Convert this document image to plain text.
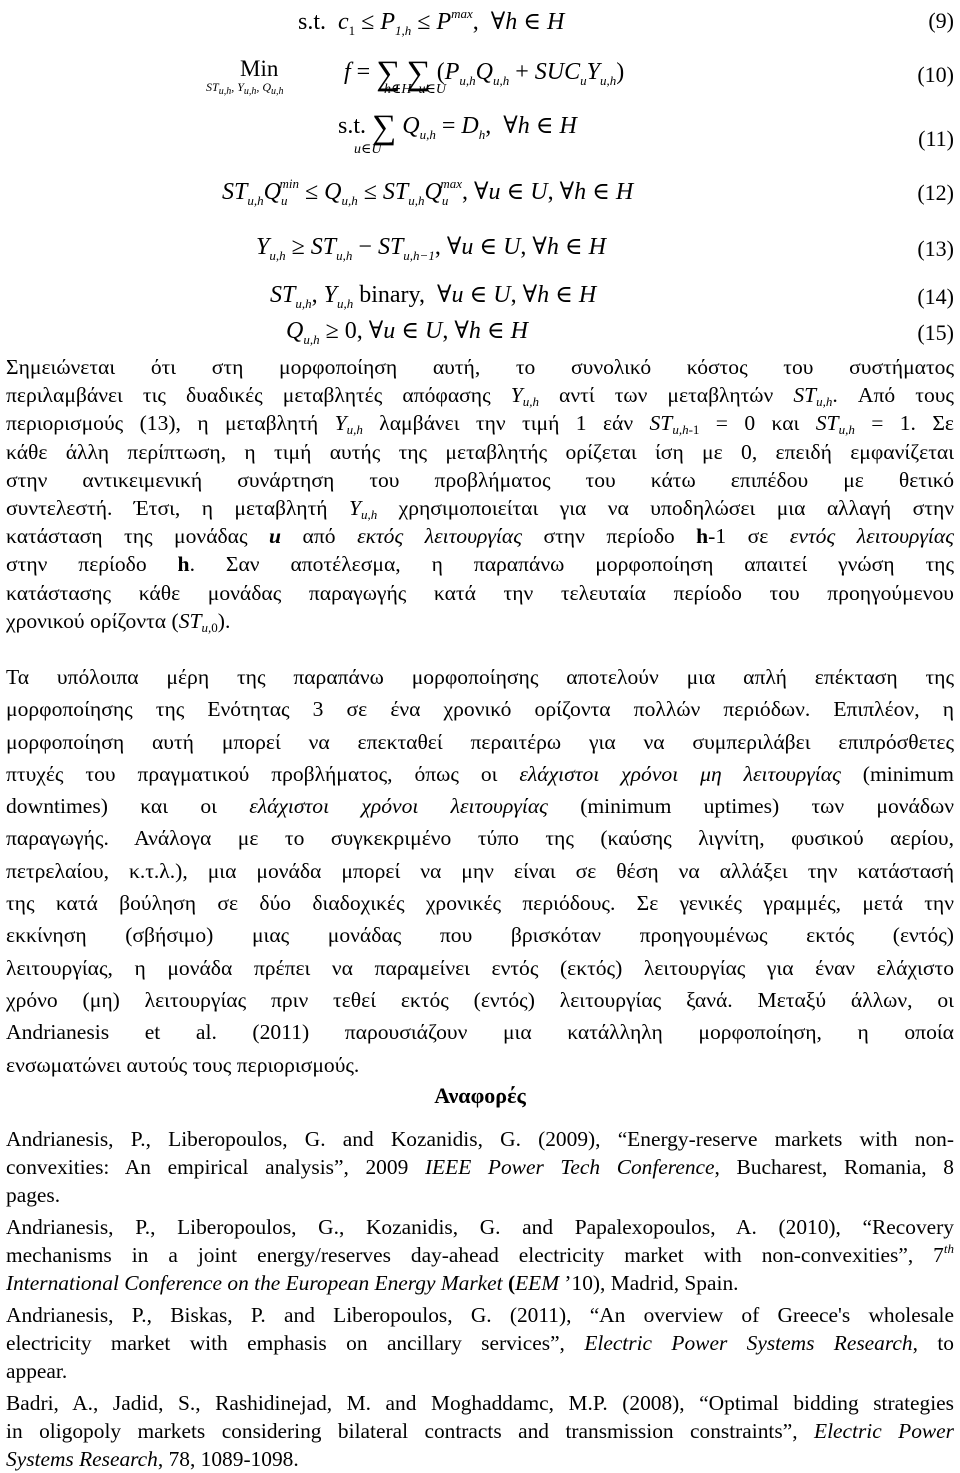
s.t.  $c_1 \le P_{1,h} \le P^{max}$,  ∀h ∈ H	(9)
Min
$ST_{u,h}$, $Y_{u,h}$, $Q_{u,h}$
f = ∑ ∑ $(P_{u,h}Q_{u,h} + SUC_uY_{u,h})$
h∈H  u∈U
(10)
s.t. ∑ $Q_{u,h} = D_h$,  ∀h ∈ H
u∈U	(11)
$ST_{u,h}Q_u^{min} \le Q_{u,h} \le ST_{u,h}Q_u^{max}$, ∀u ∈ U, ∀h ∈ H	(12)
$Y_{u,h} \ge ST_{u,h} - ST_{u,h-1}$, ∀u ∈ U, ∀h ∈ H	(13)
$ST_{u,h}$, $Y_{u,h}$ binary,  ∀u ∈ U, ∀h ∈ H	(14)
$Q_{u,h} \ge 0$, ∀u ∈ U, ∀h ∈ H	(15)
Σημειώνεται ότι στη μορφοποίηση αυτή, το συνολικό κόστος του συστήματος
περιλαμβάνει τις δυαδικές μεταβλητές απόφασης $Y_{u,h}$ αντί των μεταβλητών $ST_{u,h}$. Από τους
περιορισμούς (13), η μεταβλητή $Y_{u,h}$ λαμβάνει την τιμή 1 εάν $ST_{u,h-1} = 0$ και $ST_{u,h} = 1$. Σε
κάθε άλλη περίπτωση, η τιμή αυτής της μεταβλητής ορίζεται ίση με 0, επειδή εμφανίζεται
στην αντικειμενική συνάρτηση του προβλήματος του κάτω επιπέδου με θετικό
συντελεστή. Έτσι, η μεταβλητή $Y_{u,h}$ χρησιμοποιείται για να υποδηλώσει μια αλλαγή στην
κατάσταση της μονάδας u από εκτός λειτουργίας στην περίοδο h-1 σε εντός λειτουργίας
στην περίοδο h. Σαν αποτέλεσμα, η παραπάνω μορφοποίηση απαιτεί γνώση της
κατάστασης κάθε μονάδας παραγωγής κατά την τελευταία περίοδο του προηγούμενου
χρονικού ορίζοντα $(ST_{u,0})$.
Τα υπόλοιπα μέρη της παραπάνω μορφοποίησης αποτελούν μια απλή επέκταση της
μορφοποίησης της Ενότητας 3 σε ένα χρονικό ορίζοντα πολλών περιόδων. Επιπλέον, η
μορφοποίηση αυτή μπορεί να επεκταθεί περαιτέρω για να συμπεριλάβει επιπρόσθετες
πτυχές του πραγματικού προβλήματος, όπως οι ελάχιστοι χρόνοι μη λειτουργίας (minimum
downtimes) και οι ελάχιστοι χρόνοι λειτουργίας (minimum uptimes) των μονάδων
παραγωγής. Ανάλογα με το συγκεκριμένο τύπο της (καύσης λιγνίτη, φυσικού αερίου,
πετρελαίου, κ.τ.λ.), μια μονάδα μπορεί να μην είναι σε θέση να αλλάξει την κατάστασή
της κατά βούληση σε δύο διαδοχικές χρονικές περιόδους. Σε γενικές γραμμές, μετά την
εκκίνηση (σβήσιμο) μιας μονάδας που βρισκόταν προηγουμένως εκτός (εντός)
λειτουργίας, η μονάδα πρέπει να παραμείνει εντός (εκτός) λειτουργίας για έναν ελάχιστο
χρόνο (μη) λειτουργίας πριν τεθεί εκτός (εντός) λειτουργίας ξανά. Μεταξύ άλλων, οι
Andrianesis et al. (2011) παρουσιάζουν μια κατάλληλη μορφοποίηση, η οποία
ενσωματώνει αυτούς τους περιορισμούς.
Αναφορές
Andrianesis, P., Liberopoulos, G. and Kozanidis, G. (2009), “Energy-reserve markets with non-
convexities: An empirical analysis”, 2009 IEEE Power Tech Conference, Bucharest, Romania, 8
pages.
Andrianesis, P., Liberopoulos, G., Kozanidis, G. and Papalexopoulos, A. (2010), “Recovery
mechanisms in a joint energy/reserves day-ahead electricity market with non-convexities”, 7th
International Conference on the European Energy Market (EEM ’10), Madrid, Spain.
Andrianesis, P., Biskas, P. and Liberopoulos, G. (2011), “An overview of Greece's wholesale
electricity market with emphasis on ancillary services”, Electric Power Systems Research, to
appear.
Badri, A., Jadid, S., Rashidinejad, M. and Moghaddamc, M.P. (2008), “Optimal bidding strategies
in oligopoly markets considering bilateral contracts and transmission constraints”, Electric Power
Systems Research, 78, 1089-1098.
